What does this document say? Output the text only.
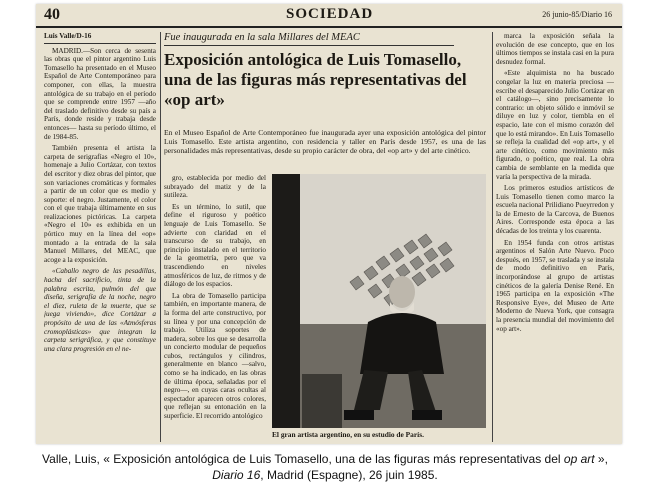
40	SOCIEDAD	26 junio-85/Diario 16

Luis Valle/D-16

MADRID.—Son cerca de sesenta las obras que el pintor argentino Luis Tomasello ha presentado en el Museo Español de Arte Contemporáneo para componer, con ellas, la muestra antológica de su trabajo en el período que se comprende entre 1957 —año del traslado definitivo desde su país a París, donde reside y trabaja desde entonces— hasta su período último, el de 1984-85.

También presenta el artista la carpeta de serigrafías «Negro el 10», homenaje a Julio Cortázar, con textos del escritor y diez obras del pintor, que son variaciones cromáticas y formales a partir de un color que es medio y soporte: el negro. Justamente, el color con el que trabaja últimamente en sus realizaciones pictóricas. La carpeta «Negro el 10» es exhibida en un pórtico muy en la línea del «op» montado a la entrada de la sala Manuel Millares, del MEAC, que acoge a la exposición.

«Caballo negro de las pesadillas, hacha del sacrificio, tinta de la palabra escrita, pulmón del que diseña, serigrafía de la noche, negro el diez, ruleta de la muerte, que se juega viviendo», dice Cortázar a propósito de una de las «Atmósferas cromoplásticas» que integran la carpeta serigráfica, y que constituye una clara progresión en el ne-

Fue inaugurada en la sala Millares del MEAC
Exposición antológica de Luis Tomasello, una de las figuras más representativas del «op art»
En el Museo Español de Arte Contemporáneo fue inaugurada ayer una exposición antológica del pintor Luis Tomasello. Este artista argentino, con residencia y taller en París desde 1957, es una de las personalidades más representativas, desde su propio carácter de obra, del «op art» y del arte cinético.

gro, establecida por medio del subrayado del matiz y de la sutileza.

Es un término, lo sutil, que define el riguroso y poético lenguaje de Luis Tomasello. Se advierte con claridad en el transcurso de su trabajo, en principio instalado en el territorio de la geometría, pero que va trascendiendo en niveles atmosféricos de luz, de ritmos y de diálogo de los espacios.

La obra de Tomasello participa también, en importante manera, de la forma del arte constructivo, por su línea y por una concepción de trabajo. Utiliza soportes de madera, sobre los que se desarrolla un concierto modular de pequeños cubos, rectángulos y cilindros, generalmente en blanco —salvo, como se ha indicado, en las obras de última época, señaladas por el negro—, en cuyas caras ocultas al espectador aparecen otros colores, que reflejan su entonación en la superficie. El recorrido antológico

El gran artista argentino, en su estudio de París.

marca la exposición señala la evolución de ese concepto, que en los últimos tiempos se instala casi en la pura desnudez formal.

«Este alquimista no ha buscado congelar la luz en materia preciosa —escribe el desaparecido Julio Cortázar en el catálogo—, sino precisamente lo contrario: un objeto sólido e inmóvil se diluye en luz y color, tiembla en el espacio, late con el mismo corazón del que lo está mirando». En Luis Tomasello se refleja la cualidad del «op art», y el arte cinético, como movimiento más figurado, o poético, que real. La obra cambia de semblante en la medida que varía la perspectiva de la mirada.

Los primeros estudios artísticos de Luis Tomasello tienen como marco la escuela nacional Prilidiano Pueyrredon y la de Ernesto de la Carcova, de Buenos Aires. Corresponde esta época a las décadas de los treinta y los cuarenta.

En 1954 funda con otros artistas argentinos el Salón Arte Nuevo. Poco después, en 1957, se traslada y se instala de modo definitivo en París, incorporándose al grupo de artistas cinéticos de la galería Denise René. En 1965 participa en la exposición «The Responsive Eye», del Museo de Arte Moderno de Nueva York, que consagra la presencia mundial del movimiento del «op art».

Valle, Luis, « Exposición antológica de Luis Tomasello, una de las figuras más representativas del op art »,
Diario 16, Madrid (Espagne), 26 juin 1985.
